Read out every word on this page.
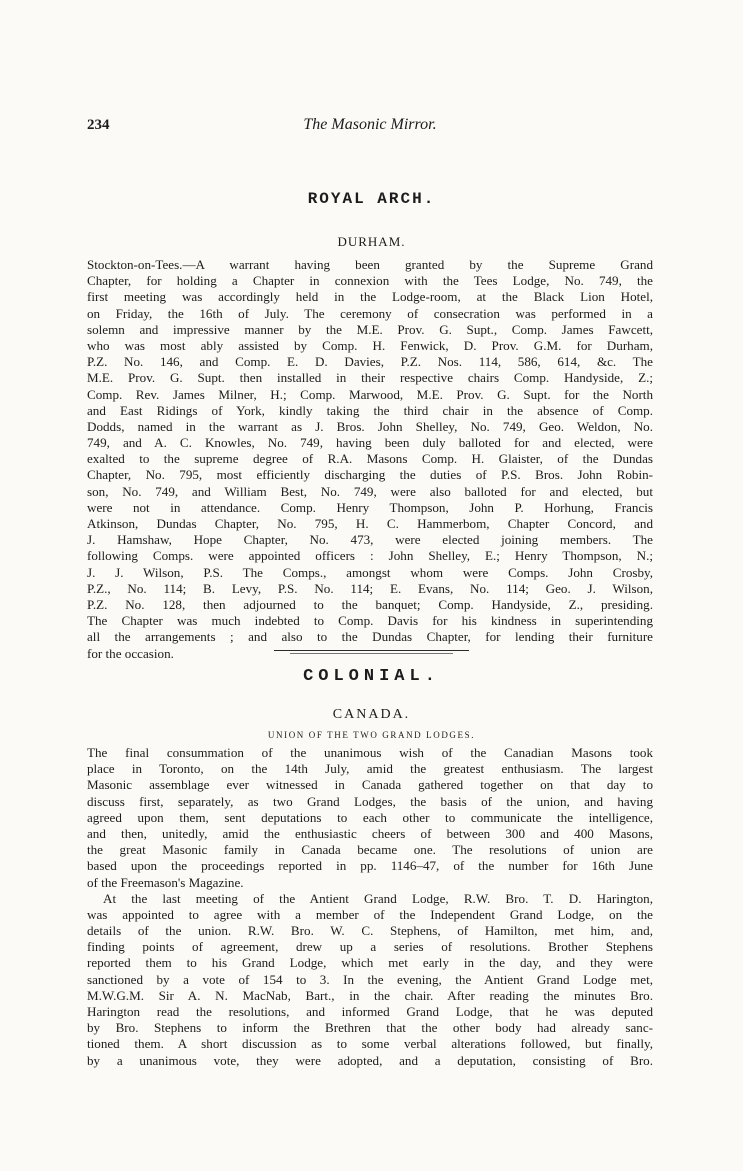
234	The Masonic Mirror.
ROYAL ARCH.
DURHAM.
Stockton-on-Tees.—A warrant having been granted by the Supreme Grand
Chapter, for holding a Chapter in connexion with the Tees Lodge, No. 749, the
first meeting was accordingly held in the Lodge-room, at the Black Lion Hotel,
on Friday, the 16th of July. The ceremony of consecration was performed in a
solemn and impressive manner by the M.E. Prov. G. Supt., Comp. James Fawcett,
who was most ably assisted by Comp. H. Fenwick, D. Prov. G.M. for Durham,
P.Z. No. 146, and Comp. E. D. Davies, P.Z. Nos. 114, 586, 614, &c. The
M.E. Prov. G. Supt. then installed in their respective chairs Comp. Handyside, Z.;
Comp. Rev. James Milner, H.; Comp. Marwood, M.E. Prov. G. Supt. for the North
and East Ridings of York, kindly taking the third chair in the absence of Comp.
Dodds, named in the warrant as J. Bros. John Shelley, No. 749, Geo. Weldon, No.
749, and A. C. Knowles, No. 749, having been duly balloted for and elected, were
exalted to the supreme degree of R.A. Masons Comp. H. Glaister, of the Dundas
Chapter, No. 795, most efficiently discharging the duties of P.S. Bros. John Robin-
son, No. 749, and William Best, No. 749, were also balloted for and elected, but
were not in attendance. Comp. Henry Thompson, John P. Horhung, Francis
Atkinson, Dundas Chapter, No. 795, H. C. Hammerbom, Chapter Concord, and
J. Hamshaw, Hope Chapter, No. 473, were elected joining members. The
following Comps. were appointed officers : John Shelley, E.; Henry Thompson, N.;
J. J. Wilson, P.S. The Comps., amongst whom were Comps. John Crosby,
P.Z., No. 114; B. Levy, P.S. No. 114; E. Evans, No. 114; Geo. J. Wilson,
P.Z. No. 128, then adjourned to the banquet; Comp. Handyside, Z., presiding.
The Chapter was much indebted to Comp. Davis for his kindness in superintending
all the arrangements ; and also to the Dundas Chapter, for lending their furniture
for the occasion.
COLONIAL.
CANADA.
UNION OF THE TWO GRAND LODGES.
The final consummation of the unanimous wish of the Canadian Masons took
place in Toronto, on the 14th July, amid the greatest enthusiasm. The largest
Masonic assemblage ever witnessed in Canada gathered together on that day to
discuss first, separately, as two Grand Lodges, the basis of the union, and having
agreed upon them, sent deputations to each other to communicate the intelligence,
and then, unitedly, amid the enthusiastic cheers of between 300 and 400 Masons,
the great Masonic family in Canada became one. The resolutions of union are
based upon the proceedings reported in pp. 1146–47, of the number for 16th June
of the Freemason's Magazine.
At the last meeting of the Antient Grand Lodge, R.W. Bro. T. D. Harington,
was appointed to agree with a member of the Independent Grand Lodge, on the
details of the union. R.W. Bro. W. C. Stephens, of Hamilton, met him, and,
finding points of agreement, drew up a series of resolutions. Brother Stephens
reported them to his Grand Lodge, which met early in the day, and they were
sanctioned by a vote of 154 to 3. In the evening, the Antient Grand Lodge met,
M.W.G.M. Sir A. N. MacNab, Bart., in the chair. After reading the minutes Bro.
Harington read the resolutions, and informed Grand Lodge, that he was deputed
by Bro. Stephens to inform the Brethren that the other body had already sanc-
tioned them. A short discussion as to some verbal alterations followed, but finally,
by a unanimous vote, they were adopted, and a deputation, consisting of Bro.
